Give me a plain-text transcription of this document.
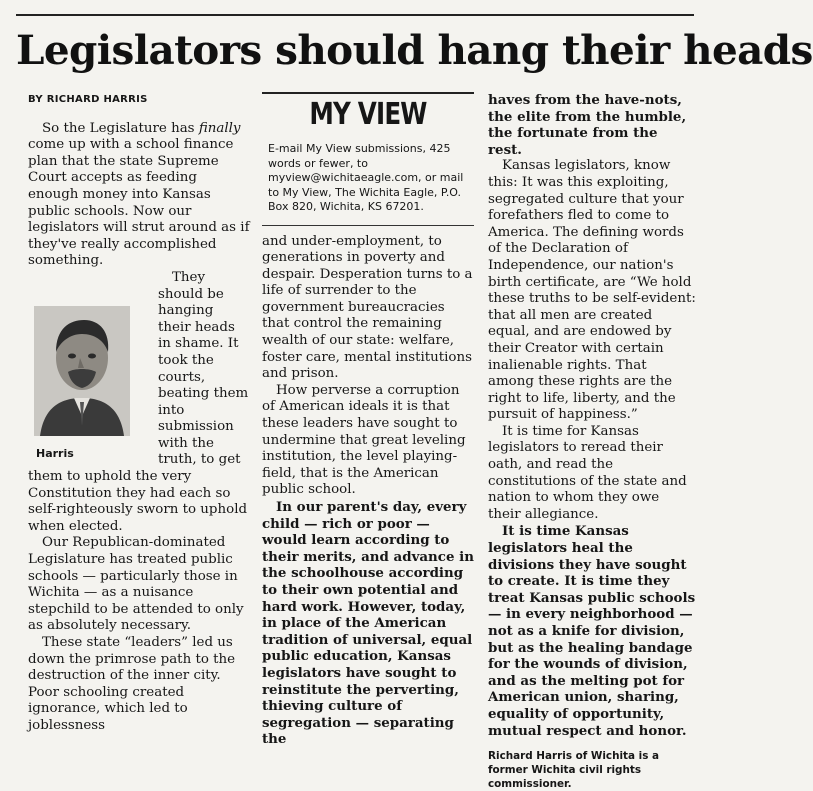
Legislators should hang their heads
BY RICHARD HARRIS

So the Legislature has finally come up with a school finance plan that the state Supreme Court accepts as feeding enough money into Kansas public schools. Now our legislators will strut around as if they've really accomplished something.

Harris

They should be hanging their heads in shame. It took the courts, beating them into submission with the truth, to get them to uphold the very Constitution they had each so self-righteously sworn to uphold when elected.

Our Republican-dominated Legislature has treated public schools — particularly those in Wichita — as a nuisance stepchild to be attended to only as absolutely necessary.

These state “leaders” led us down the primrose path to the destruction of the inner city. Poor schooling created ignorance, which led to joblessness

MY VIEW
E-mail My View submissions, 425 words or fewer, to myview@wichitaeagle.com, or mail to My View, The Wichita Eagle, P.O. Box 820, Wichita, KS 67201.

and under-employment, to generations in poverty and despair. Desperation turns to a life of surrender to the government bureaucracies that control the remaining wealth of our state: welfare, foster care, mental institutions and prison.

How perverse a corruption of American ideals it is that these leaders have sought to undermine that great leveling institution, the level playing-field, that is the American public school.

In our parent's day, every child — rich or poor — would learn according to their merits, and advance in the schoolhouse according to their own potential and hard work. However, today, in place of the American tradition of universal, equal public education, Kansas legislators have sought to reinstitute the perverting, thieving culture of segregation — separating the

haves from the have-nots, the elite from the humble, the fortunate from the rest.

Kansas legislators, know this: It was this exploiting, segregated culture that your forefathers fled to come to America. The defining words of the Declaration of Independence, our nation's birth certificate, are “We hold these truths to be self-evident: that all men are created equal, and are endowed by their Creator with certain inalienable rights. That among these rights are the right to life, liberty, and the pursuit of happiness.”

It is time for Kansas legislators to reread their oath, and read the constitutions of the state and nation to whom they owe their allegiance.

It is time Kansas legislators heal the divisions they have sought to create. It is time they treat Kansas public schools — in every neighborhood — not as a knife for division, but as the healing bandage for the wounds of division, and as the melting pot for American union, sharing, equality of opportunity, mutual respect and honor.

Richard Harris of Wichita is a former Wichita civil rights commissioner.
